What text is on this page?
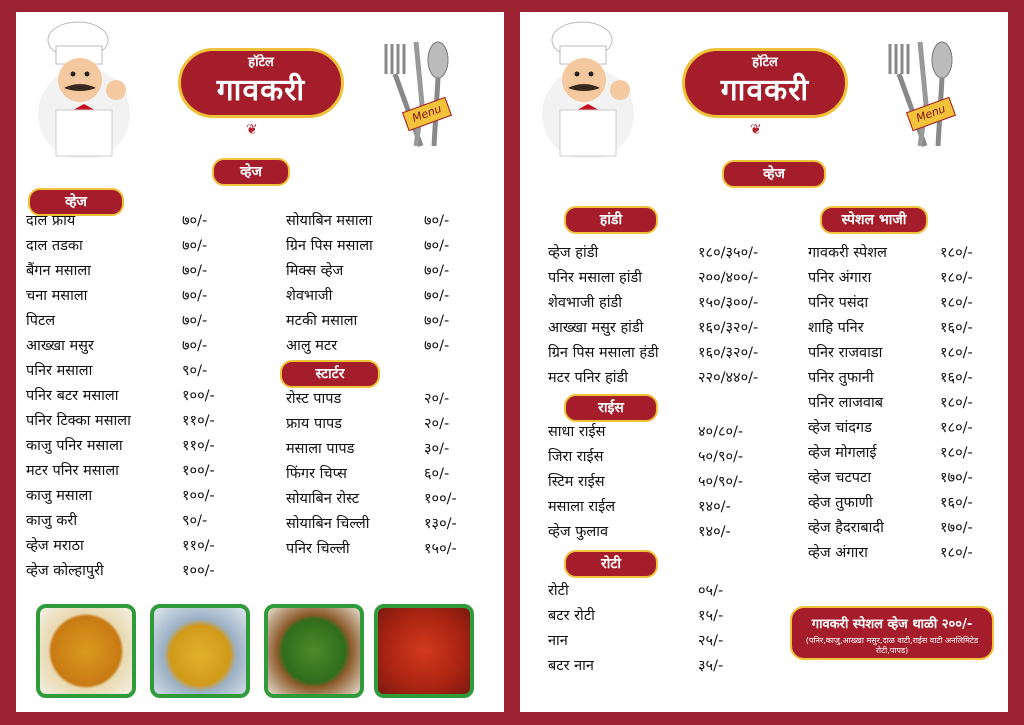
हॉटेल
गावकरी
❦
Menu
व्हेज
व्हेज
दाल फ्राय	७०/-
दाल तडका	७०/-
बैंगन मसाला	७०/-
चना मसाला	७०/-
पिटल	७०/-
आख्खा मसुर	७०/-
पनिर मसाला	९०/-
पनिर बटर मसाला	१००/-
पनिर टिक्का मसाला	११०/-
काजु पनिर मसाला	११०/-
मटर पनिर मसाला	१००/-
काजु मसाला	१००/-
काजु करी	९०/-
व्हेज मराठा	११०/-
व्हेज कोल्हापुरी	१००/-
सोयाबिन मसाला	७०/-
ग्रिन पिस मसाला	७०/-
मिक्स व्हेज	७०/-
शेवभाजी	७०/-
मटकी मसाला	७०/-
आलु मटर	७०/-
स्टार्टर
रोस्ट पापड	२०/-
फ्राय पापड	२०/-
मसाला पापड	३०/-
फिंगर चिप्स	६०/-
सोयाबिन रोस्ट	१००/-
सोयाबिन चिल्ली	१३०/-
पनिर चिल्ली	१५०/-
हॉटेल
गावकरी
❦
Menu
व्हेज
हांडी
व्हेज हांडी	१८०/३५०/-
पनिर मसाला हांडी	२००/४००/-
शेवभाजी हांडी	१५०/३००/-
आख्खा मसुर हांडी	१६०/३२०/-
ग्रिन पिस मसाला हंडी	१६०/३२०/-
मटर पनिर हांडी	२२०/४४०/-
राईस
साधा राईस	४०/८०/-
जिरा राईस	५०/९०/-
स्टिम राईस	५०/९०/-
मसाला राईल	१४०/-
व्हेज फुलाव	१४०/-
रोटी
रोटी	०५/-
बटर रोटी	१५/-
नान	२५/-
बटर नान	३५/-
स्पेशल भाजी
गावकरी स्पेशल	१८०/-
पनिर अंगारा	१८०/-
पनिर पसंदा	१८०/-
शाहि पनिर	१६०/-
पनिर राजवाडा	१८०/-
पनिर तुफानी	१६०/-
पनिर लाजवाब	१८०/-
व्हेज चांदगड	१८०/-
व्हेज मोगलाई	१८०/-
व्हेज चटपटा	१७०/-
व्हेज तुफाणी	१६०/-
व्हेज हैदराबादी	१७०/-
व्हेज अंगारा	१८०/-
गावकरी स्पेशल व्हेज थाळी २००/-
(पनिर,काजु,आख्खा मसुर,दाळ वाटी,राईस वाटी अनलिमिटेड रोटी,पापड)
